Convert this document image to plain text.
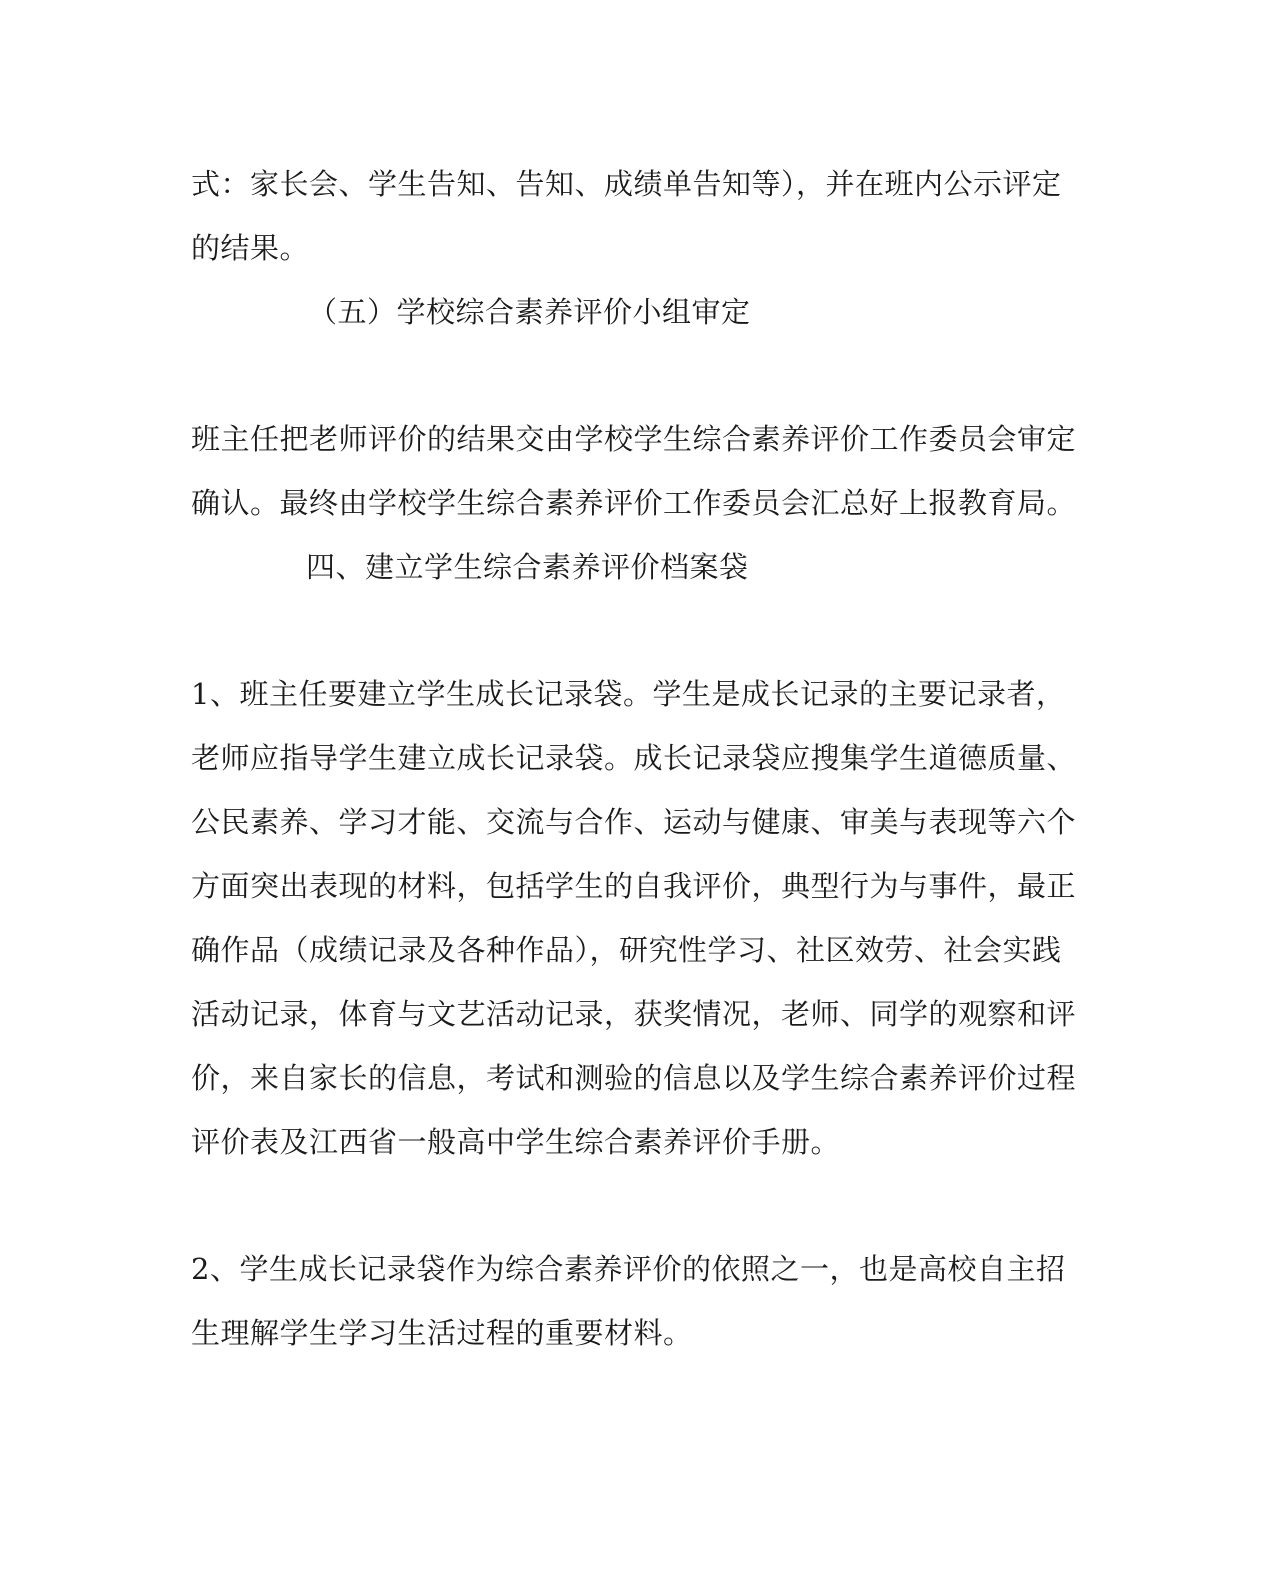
式：家长会、学生告知、告知、成绩单告知等），并在班内公示评定
的结果。
（五）学校综合素养评价小组审定
班主任把老师评价的结果交由学校学生综合素养评价工作委员会审定
确认。最终由学校学生综合素养评价工作委员会汇总好上报教育局。
四、建立学生综合素养评价档案袋
1、班主任要建立学生成长记录袋。学生是成长记录的主要记录者，
老师应指导学生建立成长记录袋。成长记录袋应搜集学生道德质量、
公民素养、学习才能、交流与合作、运动与健康、审美与表现等六个
方面突出表现的材料，包括学生的自我评价，典型行为与事件，最正
确作品（成绩记录及各种作品），研究性学习、社区效劳、社会实践
活动记录，体育与文艺活动记录，获奖情况，老师、同学的观察和评
价，来自家长的信息，考试和测验的信息以及学生综合素养评价过程
评价表及江西省一般高中学生综合素养评价手册。
2、学生成长记录袋作为综合素养评价的依照之一，也是高校自主招
生理解学生学习生活过程的重要材料。
